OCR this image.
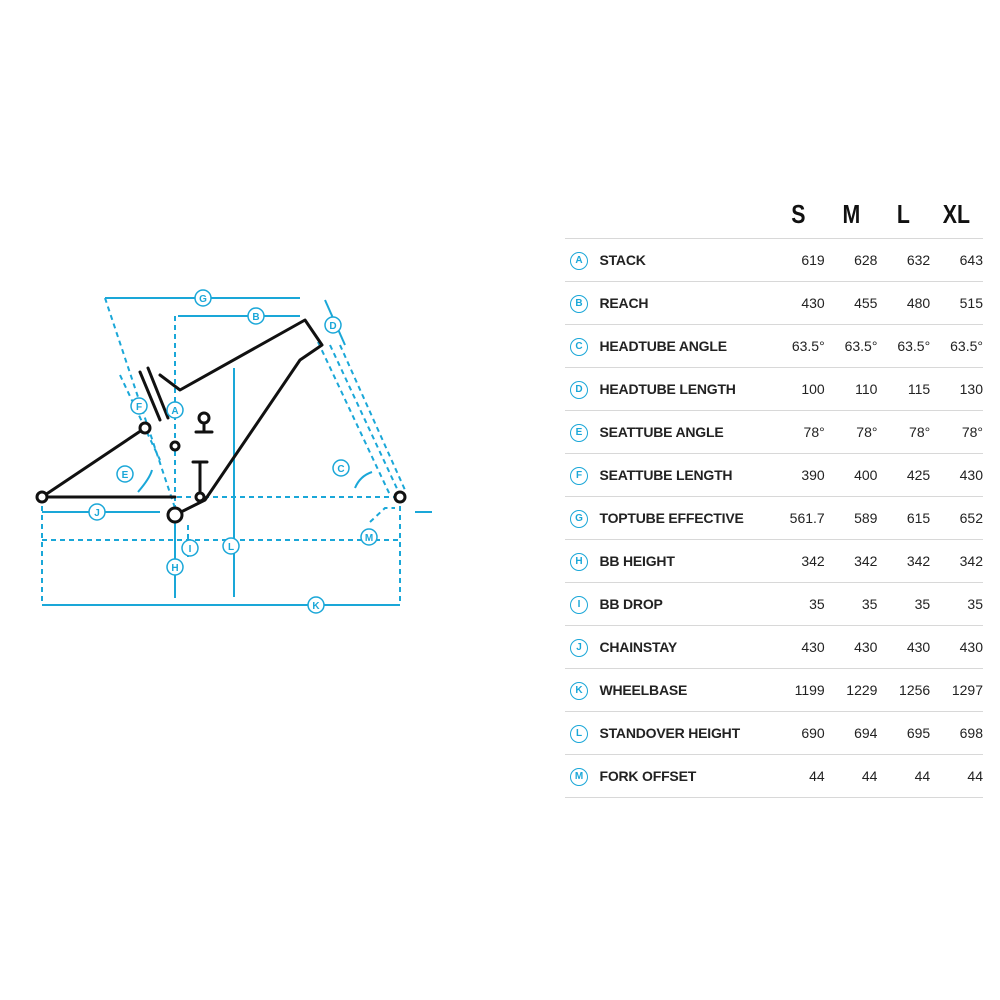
G
B
D
A
F
E
C
J
I
H
L
M
K
		S	M	L	XL
A	STACK	619	628	632	643
B	REACH	430	455	480	515
C	HEADTUBE ANGLE	63.5°	63.5°	63.5°	63.5°
D	HEADTUBE LENGTH	100	110	115	130
E	SEATTUBE ANGLE	78°	78°	78°	78°
F	SEATTUBE LENGTH	390	400	425	430
G	TOPTUBE EFFECTIVE	561.7	589	615	652
H	BB HEIGHT	342	342	342	342
I	BB DROP	35	35	35	35
J	CHAINSTAY	430	430	430	430
K	WHEELBASE	1199	1229	1256	1297
L	STANDOVER HEIGHT	690	694	695	698
M	FORK OFFSET	44	44	44	44
